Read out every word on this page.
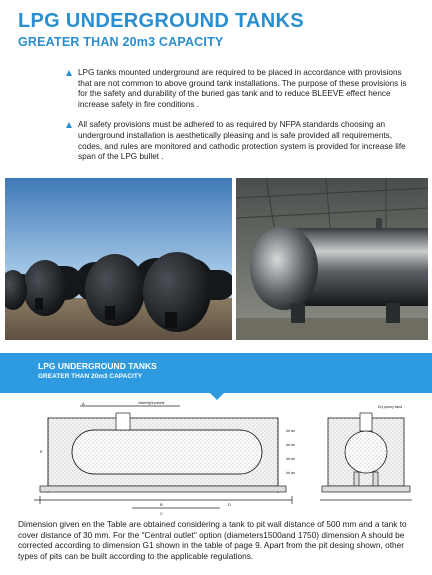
LPG UNDERGROUND TANKS
GREATER THAN 20m3 CAPACITY
LPG tanks mounted underground are required to be placed in accordance with provisions that are not common to above ground tank installations. The purpose of these provisions is for the safety and durability of the buried gas tank and to reduce BLEEVE effect hence increase safety in fire conditions .
All safety provisions must be adhered to as required by NFPA standards choosing an underground installation is aesthetically pleasing and is safe provided all requirements, codes, and rules are monitored and cathodic protection system is provided for increase life span of the LPG bullet .
LPG UNDERGROUND TANKS
GREATER THAN 20m3 CAPACITY
A
B
C
D
E
Valve/light panels
## cm
## cm
## cm
## cm
Dry quarry sand
Dimension given en the Table are obtained considering a tank to pit wall distance of 500 mm and a tank to cover distance of 30 mm. For the "Central outlet" option (diameters1500and 1750) dimension A should be corrected according to dimension G1 shown in the table of page 9. Apart from the pit desing shown, other types of pits can be built according to the applicable regulations.
